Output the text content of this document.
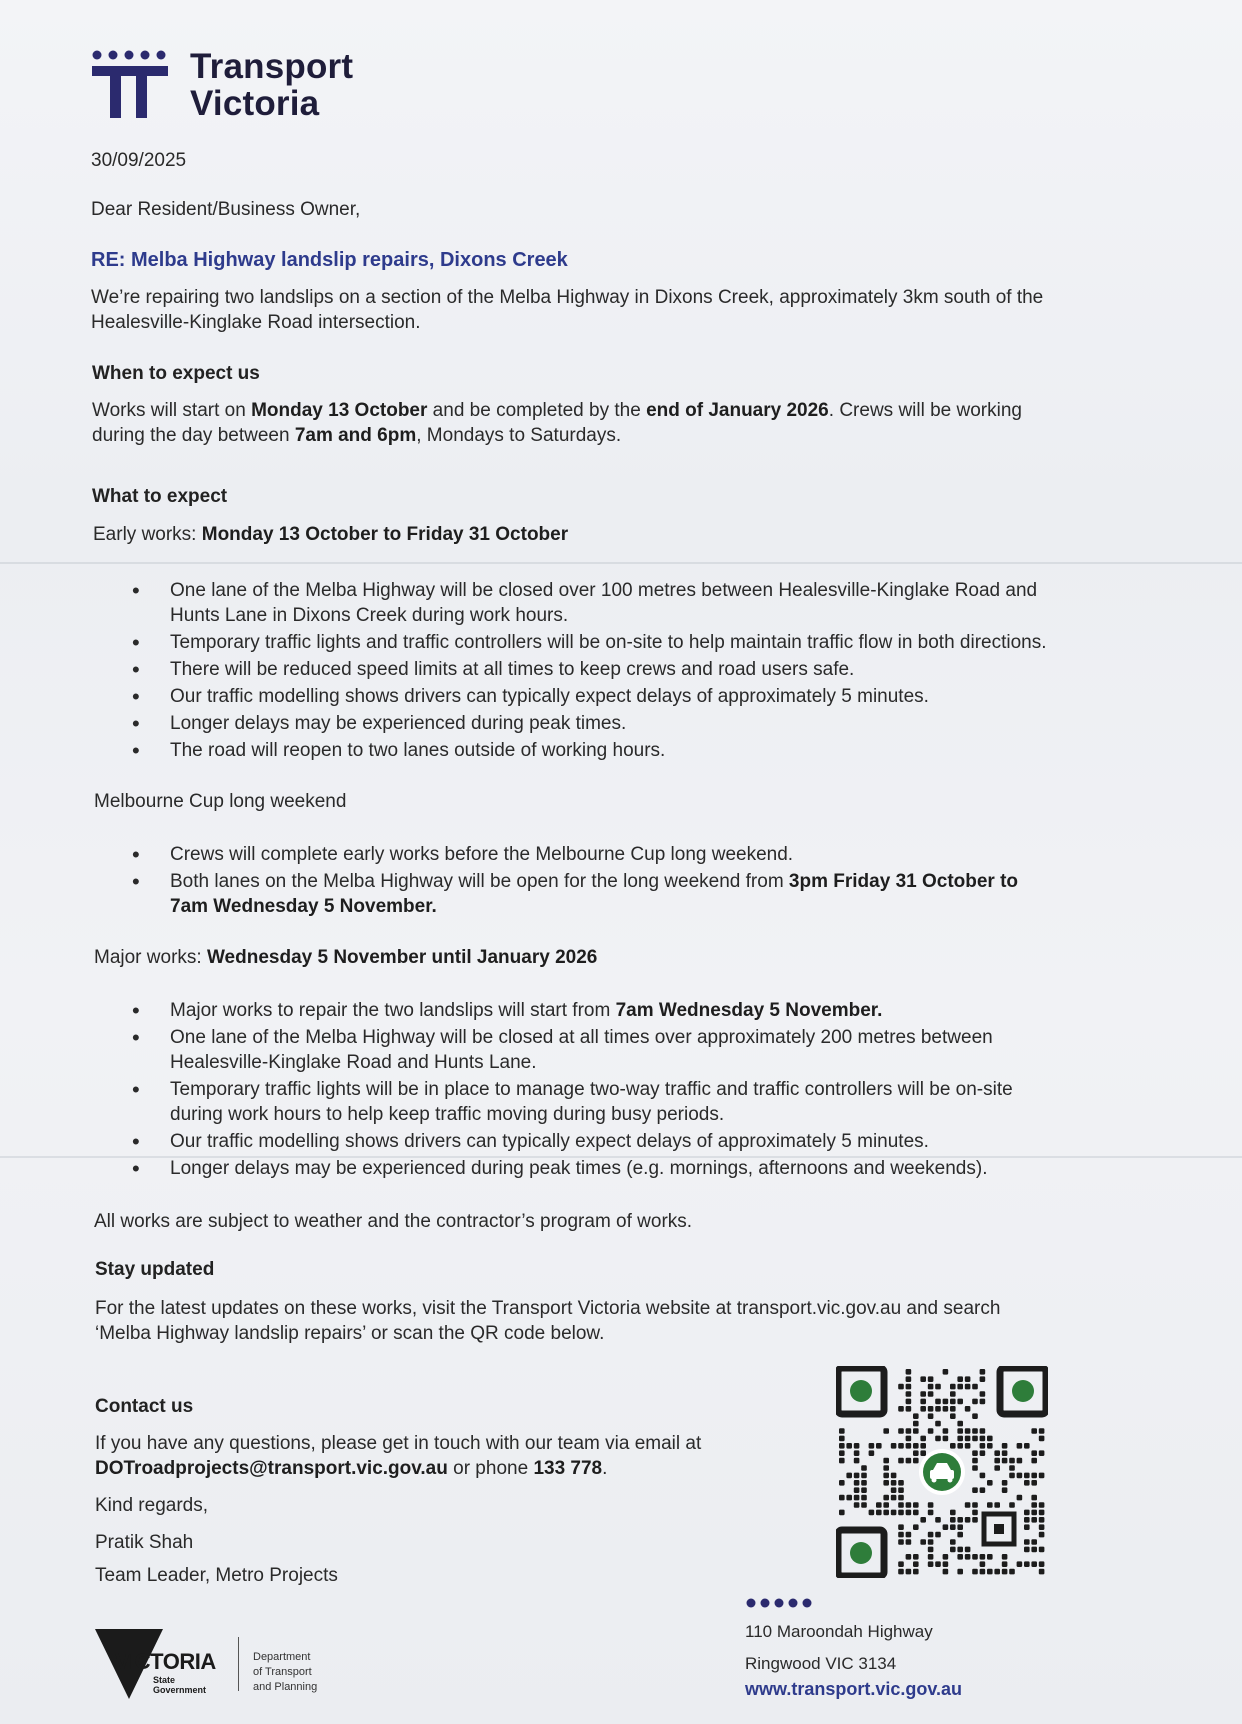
Transport
Victoria
30/09/2025
Dear Resident/Business Owner,
RE: Melba Highway landslip repairs, Dixons Creek
We’re repairing two landslips on a section of the Melba Highway in Dixons Creek, approximately 3km south of the
Healesville-Kinglake Road intersection.
When to expect us
Works will start on Monday 13 October and be completed by the end of January 2026. Crews will be working
during the day between 7am and 6pm, Mondays to Saturdays.
What to expect
Early works: Monday 13 October to Friday 31 October
• One lane of the Melba Highway will be closed over 100 metres between Healesville-Kinglake Road and
Hunts Lane in Dixons Creek during work hours.
• Temporary traffic lights and traffic controllers will be on-site to help maintain traffic flow in both directions.
• There will be reduced speed limits at all times to keep crews and road users safe.
• Our traffic modelling shows drivers can typically expect delays of approximately 5 minutes.
• Longer delays may be experienced during peak times.
• The road will reopen to two lanes outside of working hours.
Melbourne Cup long weekend
• Crews will complete early works before the Melbourne Cup long weekend.
• Both lanes on the Melba Highway will be open for the long weekend from 3pm Friday 31 October to
7am Wednesday 5 November.
Major works: Wednesday 5 November until January 2026
• Major works to repair the two landslips will start from 7am Wednesday 5 November.
• One lane of the Melba Highway will be closed at all times over approximately 200 metres between
Healesville-Kinglake Road and Hunts Lane.
• Temporary traffic lights will be in place to manage two-way traffic and traffic controllers will be on-site
during work hours to help keep traffic moving during busy periods.
• Our traffic modelling shows drivers can typically expect delays of approximately 5 minutes.
• Longer delays may be experienced during peak times (e.g. mornings, afternoons and weekends).
All works are subject to weather and the contractor’s program of works.
Stay updated
For the latest updates on these works, visit the Transport Victoria website at transport.vic.gov.au and search
‘Melba Highway landslip repairs’ or scan the QR code below.
Contact us
If you have any questions, please get in touch with our team via email at
DOTroadprojects@transport.vic.gov.au or phone 133 778.
Kind regards,
Pratik Shah
Team Leader, Metro Projects
110 Maroondah Highway
Ringwood VIC 3134
www.transport.vic.gov.au
VICTORIA
State
Government
Department
of Transport
and Planning
